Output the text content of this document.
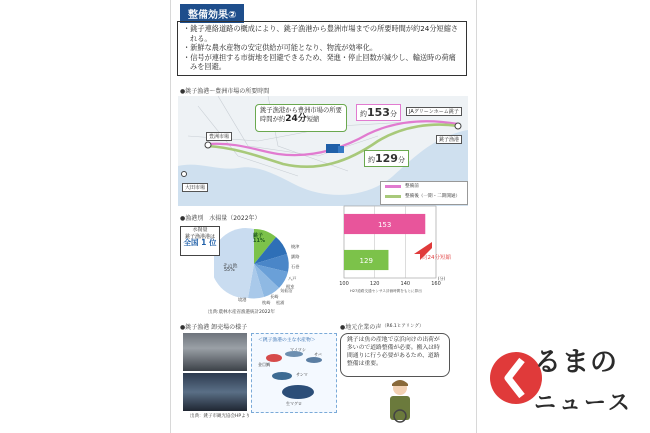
整備効果②
・銚子連絡道路の概成により、銚子漁港から豊洲市場までの所要時間が約24分短縮される。
・新鮮な農水産物の安定供給が可能となり、物流が効率化。
・信号が連担する市街地を回避できるため、発進・停止回数が減少し、輸送時の荷痛みを回避。
●銚子漁港～豊洲市場の所要時間
銚子漁港から豊洲市場の所要時間が約24分短縮
約153分
約129分
豊洲市場
大田市場
JAグリーンホーム銚子
銚子漁港
整備前
整備後（一期・二期開通）
●漁港別　水揚量（2022年）
水揚量
銚子漁港港は
全国 1 位
銚子
11%
その他
55%
焼津
釧路
石巻
八戸
長崎
枕崎
境港
気仙沼
根室
松浦
出典:農林水産省漁港統計2022年
100	120	140	160
153
129
(分)
約24分短縮
H27道路交通センサス評価時間をもとに算出
●銚子漁港 卸売場の様子
出典：銚子市観光協会HPより
＜銚子漁港の主な水産物＞
金目鯛
マイワシ
サバ
サンマ
生マグロ
●地元企業の声 （R6.1ヒアリング）
銚子は魚の産地で京浜向けの出荷が多いので道路整備が必要。搬入は時間通りに行う必要があるため、道路整備は重要。	るまの
ニュース
